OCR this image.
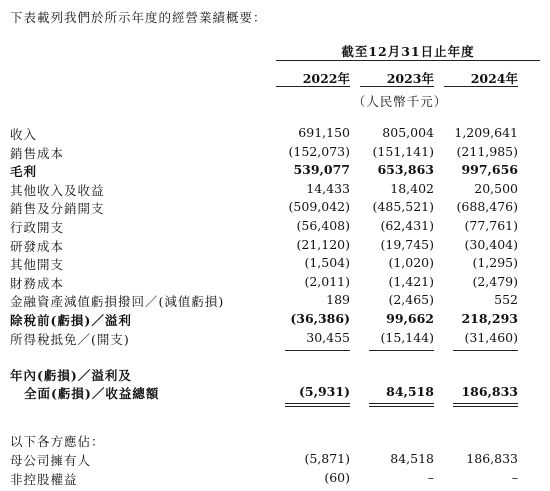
下表載列我們於所示年度的經營業績概要：
截至12月31日止年度
2022年	2023年	2024年
（人民幣千元）
收入	691,150	805,004	1,209,641
銷售成本	(152,073)	(151,141)	(211,985)
毛利	539,077	653,863	997,656
其他收入及收益	14,433	18,402	20,500
銷售及分銷開支	(509,042)	(485,521)	(688,476)
行政開支	(56,408)	(62,431)	(77,761)
研發成本	(21,120)	(19,745)	(30,404)
其他開支	(1,504)	(1,020)	(1,295)
財務成本	(2,011)	(1,421)	(2,479)
金融資產減值虧損撥回／(減值虧損)	189	(2,465)	552
除稅前(虧損)／溢利	(36,386)	99,662	218,293
所得稅抵免／(開支)	30,455	(15,144)	(31,460)
年內(虧損)／溢利及
全面(虧損)／收益總額	(5,931)	84,518	186,833
以下各方應佔：
母公司擁有人	(5,871)	84,518	186,833
非控股權益	(60)	–	–
